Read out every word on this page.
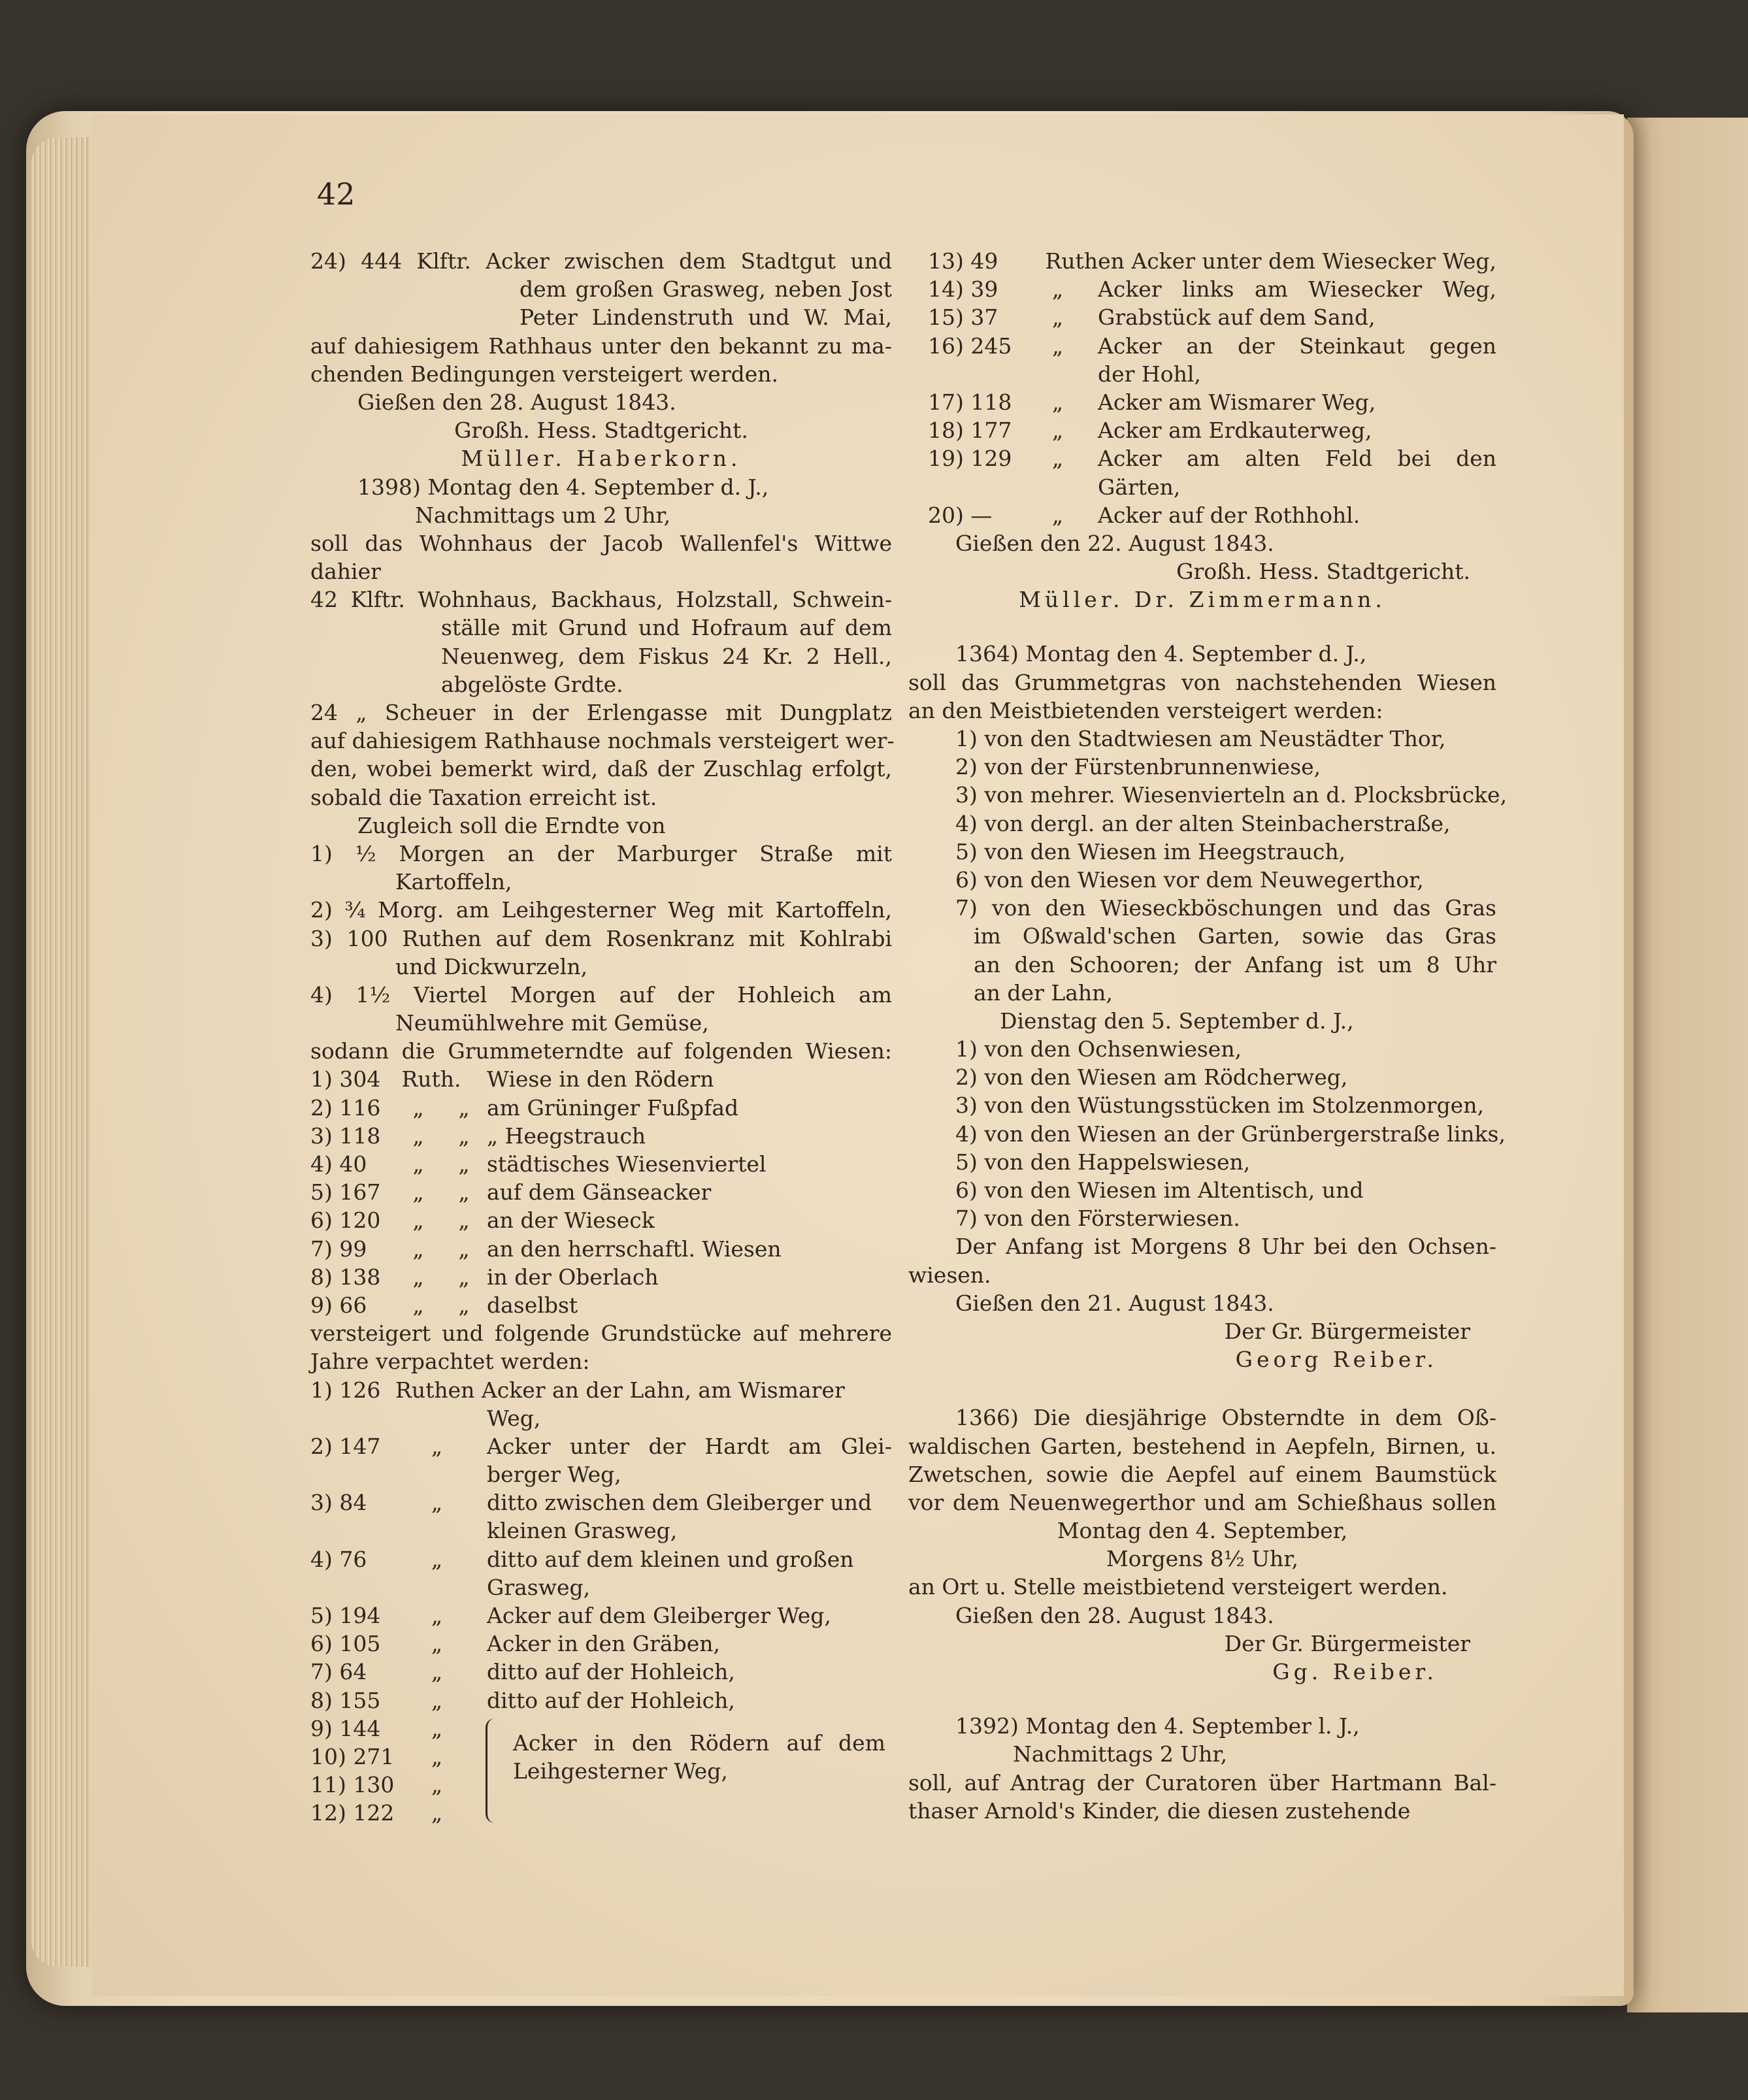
42
24) 444 Klftr. Acker zwischen dem Stadtgut und
dem großen Grasweg, neben Jost
Peter Lindenstruth und W. Mai,
auf dahiesigem Rathhaus unter den bekannt zu ma-
chenden Bedingungen versteigert werden.
Gießen den 28. August 1843.
Großh. Hess. Stadtgericht.
Müller. Haberkorn.
1398) Montag den 4. September d. J.,
Nachmittags um 2 Uhr,
soll das Wohnhaus der Jacob Wallenfel's Wittwe
dahier
42 Klftr. Wohnhaus, Backhaus, Holzstall, Schwein-
ställe mit Grund und Hofraum auf dem
Neuenweg, dem Fiskus 24 Kr. 2 Hell.,
abgelöste Grdte.
24 „ Scheuer in der Erlengasse mit Dungplatz
auf dahiesigem Rathhause nochmals versteigert wer-
den, wobei bemerkt wird, daß der Zuschlag erfolgt,
sobald die Taxation erreicht ist.
Zugleich soll die Erndte von
1) ½ Morgen an der Marburger Straße mit
Kartoffeln,
2) ¾ Morg. am Leihgesterner Weg mit Kartoffeln,
3) 100 Ruthen auf dem Rosenkranz mit Kohlrabi
und Dickwurzeln,
4) 1½ Viertel Morgen auf der Hohleich am
Neumühlwehre mit Gemüse,
sodann die Grummeterndte auf folgenden Wiesen:
1) 304 Ruth. Wiese in den Rödern
2) 116	„	„ am Grüninger Fußpfad
3) 118	„	„ „ Heegstrauch
4) 40	„	„ städtisches Wiesenviertel
5) 167	„	„ auf dem Gänseacker
6) 120	„	„ an der Wieseck
7) 99	„	„ an den herrschaftl. Wiesen
8) 138	„	„ in der Oberlach
9) 66	„	„ daselbst
versteigert und folgende Grundstücke auf mehrere
Jahre verpachtet werden:
1) 126 Ruthen Acker an der Lahn, am Wismarer
Weg,
2) 147	„	Acker unter der Hardt am Glei-
berger Weg,
3) 84	„	ditto zwischen dem Gleiberger und
kleinen Grasweg,
4) 76	„	ditto auf dem kleinen und großen
Grasweg,
5) 194	„	Acker auf dem Gleiberger Weg,
6) 105	„	Acker in den Gräben,
7) 64	„	ditto auf der Hohleich,
8) 155	„	ditto auf der Hohleich,
9) 144	„
10) 271	„
11) 130	„
12) 122	„
Acker in den Rödern auf dem
Leihgesterner Weg,
13) 49	Ruthen Acker unter dem Wiesecker Weg,
14) 39	„	Acker links am Wiesecker Weg,
15) 37	„	Grabstück auf dem Sand,
16) 245	„	Acker an der Steinkaut gegen
der Hohl,
17) 118	„	Acker am Wismarer Weg,
18) 177	„	Acker am Erdkauterweg,
19) 129	„	Acker am alten Feld bei den
Gärten,
20) —	„	Acker auf der Rothhohl.
Gießen den 22. August 1843.
Großh. Hess. Stadtgericht.
Müller. Dr. Zimmermann.
1364) Montag den 4. September d. J.,
soll das Grummetgras von nachstehenden Wiesen
an den Meistbietenden versteigert werden:
1) von den Stadtwiesen am Neustädter Thor,
2) von der Fürstenbrunnenwiese,
3) von mehrer. Wiesenvierteln an d. Plocksbrücke,
4) von dergl. an der alten Steinbacherstraße,
5) von den Wiesen im Heegstrauch,
6) von den Wiesen vor dem Neuwegerthor,
7) von den Wieseckböschungen und das Gras
im Oßwald'schen Garten, sowie das Gras
an den Schooren; der Anfang ist um 8 Uhr
an der Lahn,
Dienstag den 5. September d. J.,
1) von den Ochsenwiesen,
2) von den Wiesen am Rödcherweg,
3) von den Wüstungsstücken im Stolzenmorgen,
4) von den Wiesen an der Grünbergerstraße links,
5) von den Happelswiesen,
6) von den Wiesen im Altentisch, und
7) von den Försterwiesen.
Der Anfang ist Morgens 8 Uhr bei den Ochsen-
wiesen.
Gießen den 21. August 1843.
Der Gr. Bürgermeister
Georg Reiber.
1366) Die diesjährige Obsterndte in dem Oß-
waldischen Garten, bestehend in Aepfeln, Birnen, u.
Zwetschen, sowie die Aepfel auf einem Baumstück
vor dem Neuenwegerthor und am Schießhaus sollen
Montag den 4. September,
Morgens 8½ Uhr,
an Ort u. Stelle meistbietend versteigert werden.
Gießen den 28. August 1843.
Der Gr. Bürgermeister
Gg. Reiber.
1392) Montag den 4. September l. J.,
Nachmittags 2 Uhr,
soll, auf Antrag der Curatoren über Hartmann Bal-
thaser Arnold's Kinder, die diesen zustehende
